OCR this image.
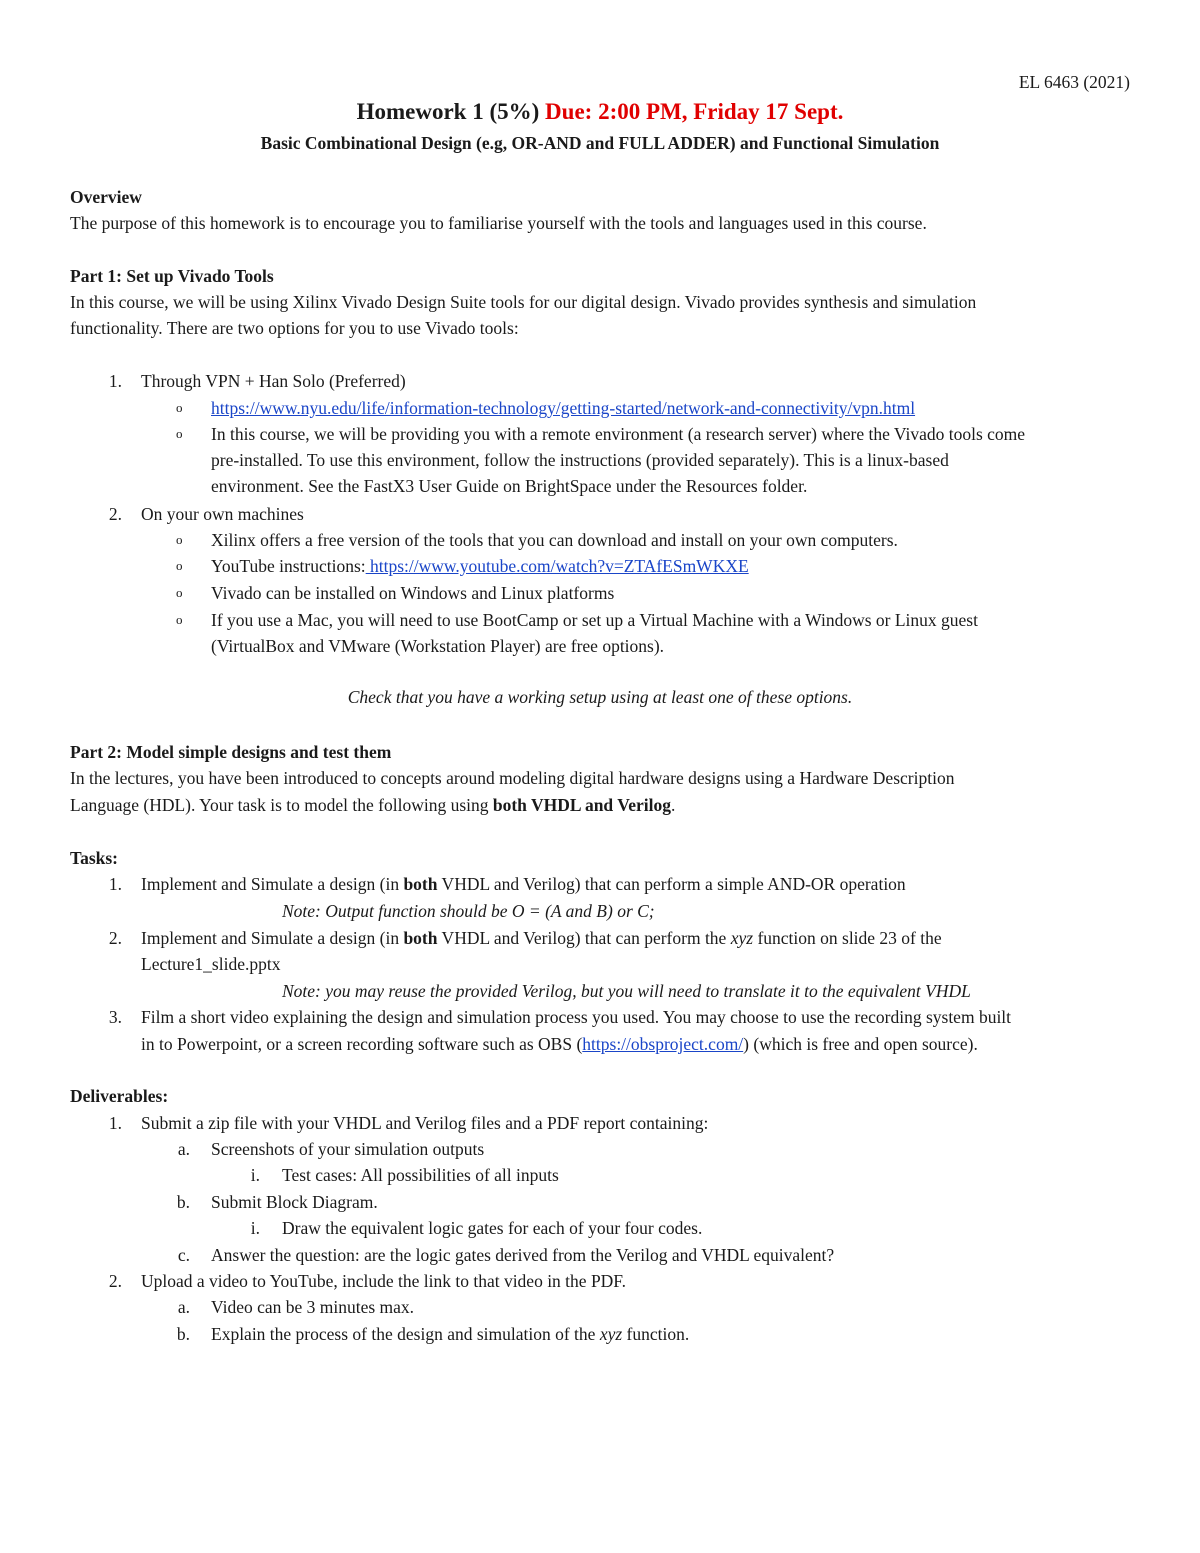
EL 6463 (2021)
Homework 1 (5%) Due: 2:00 PM, Friday 17 Sept.
Basic Combinational Design (e.g, OR-AND and FULL ADDER) and Functional Simulation
Overview
The purpose of this homework is to encourage you to familiarise yourself with the tools and languages used in this course.
Part 1: Set up Vivado Tools
In this course, we will be using Xilinx Vivado Design Suite tools for our digital design. Vivado provides synthesis and simulation
functionality. There are two options for you to use Vivado tools:
1. Through VPN + Han Solo (Preferred)
o https://www.nyu.edu/life/information-technology/getting-started/network-and-connectivity/vpn.html
o In this course, we will be providing you with a remote environment (a research server) where the Vivado tools come
pre-installed. To use this environment, follow the instructions (provided separately). This is a linux-based
environment. See the FastX3 User Guide on BrightSpace under the Resources folder.
2. On your own machines
o Xilinx offers a free version of the tools that you can download and install on your own computers.
o YouTube instructions: https://www.youtube.com/watch?v=ZTAfESmWKXE
o Vivado can be installed on Windows and Linux platforms
o If you use a Mac, you will need to use BootCamp or set up a Virtual Machine with a Windows or Linux guest
(VirtualBox and VMware (Workstation Player) are free options).
Check that you have a working setup using at least one of these options.
Part 2: Model simple designs and test them
In the lectures, you have been introduced to concepts around modeling digital hardware designs using a Hardware Description
Language (HDL). Your task is to model the following using both VHDL and Verilog.
Tasks:
1. Implement and Simulate a design (in both VHDL and Verilog) that can perform a simple AND-OR operation
Note: Output function should be O = (A and B) or C;
2. Implement and Simulate a design (in both VHDL and Verilog) that can perform the xyz function on slide 23 of the
Lecture1_slide.pptx
Note: you may reuse the provided Verilog, but you will need to translate it to the equivalent VHDL
3. Film a short video explaining the design and simulation process you used. You may choose to use the recording system built
in to Powerpoint, or a screen recording software such as OBS (https://obsproject.com/) (which is free and open source).
Deliverables:
1. Submit a zip file with your VHDL and Verilog files and a PDF report containing:
a. Screenshots of your simulation outputs
i. Test cases: All possibilities of all inputs
b. Submit Block Diagram.
i. Draw the equivalent logic gates for each of your four codes.
c. Answer the question: are the logic gates derived from the Verilog and VHDL equivalent?
2. Upload a video to YouTube, include the link to that video in the PDF.
a. Video can be 3 minutes max.
b. Explain the process of the design and simulation of the xyz function.
